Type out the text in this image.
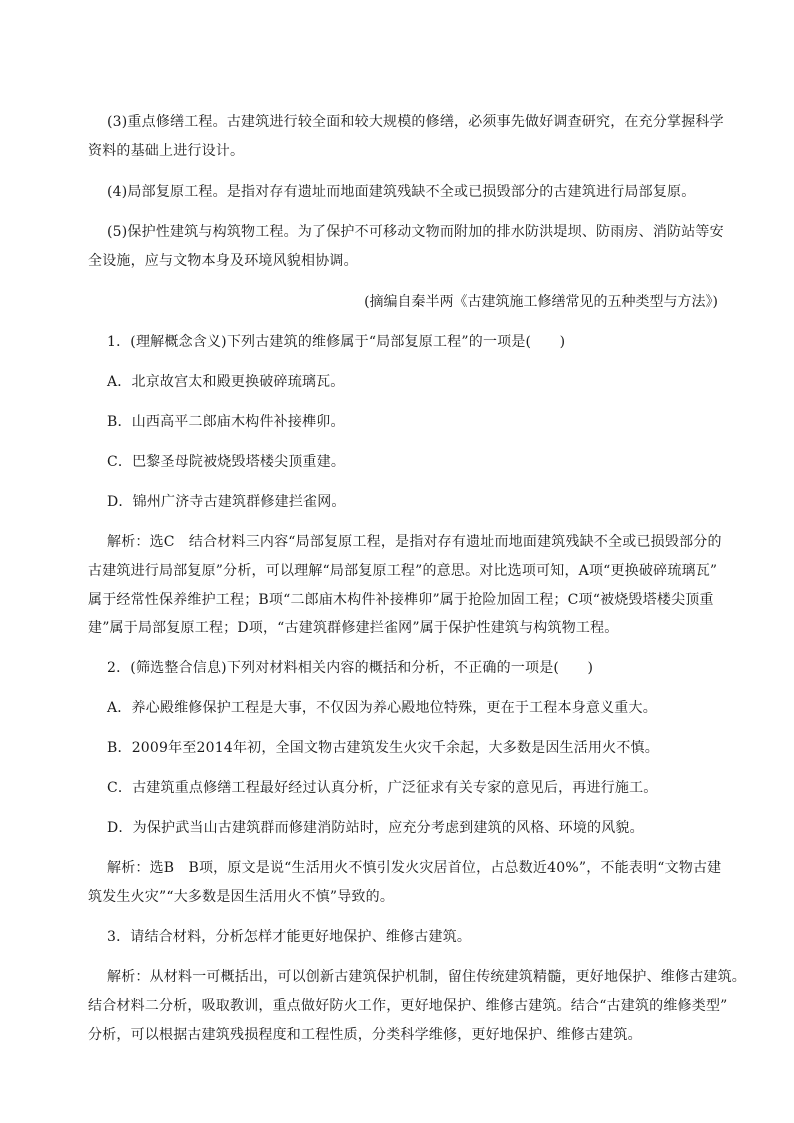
(3)重点修缮工程。古建筑进行较全面和较大规模的修缮，必须事先做好调查研究，在充分掌握科学
资料的基础上进行设计。
(4)局部复原工程。是指对存有遗址而地面建筑残缺不全或已损毁部分的古建筑进行局部复原。
(5)保护性建筑与构筑物工程。为了保护不可移动文物而附加的排水防洪堤坝、防雨房、消防站等安
全设施，应与文物本身及环境风貌相协调。
(摘编自秦半两《古建筑施工修缮常见的五种类型与方法》)
1．(理解概念含义)下列古建筑的维修属于“局部复原工程”的一项是(　　)
A．北京故宫太和殿更换破碎琉璃瓦。
B．山西高平二郎庙木构件补接榫卯。
C．巴黎圣母院被烧毁塔楼尖顶重建。
D．锦州广济寺古建筑群修建拦雀网。
解析：选C　结合材料三内容“局部复原工程，是指对存有遗址而地面建筑残缺不全或已损毁部分的
古建筑进行局部复原”分析，可以理解“局部复原工程”的意思。对比选项可知，A项“更换破碎琉璃瓦”
属于经常性保养维护工程；B项“二郎庙木构件补接榫卯”属于抢险加固工程；C项“被烧毁塔楼尖顶重
建”属于局部复原工程；D项，“古建筑群修建拦雀网”属于保护性建筑与构筑物工程。
2．(筛选整合信息)下列对材料相关内容的概括和分析，不正确的一项是(　　)
A．养心殿维修保护工程是大事，不仅因为养心殿地位特殊，更在于工程本身意义重大。
B．2009年至2014年初，全国文物古建筑发生火灾千余起，大多数是因生活用火不慎。
C．古建筑重点修缮工程最好经过认真分析，广泛征求有关专家的意见后，再进行施工。
D．为保护武当山古建筑群而修建消防站时，应充分考虑到建筑的风格、环境的风貌。
解析：选B　B项，原文是说“生活用火不慎引发火灾居首位，占总数近40%”，不能表明“文物古建
筑发生火灾”“大多数是因生活用火不慎”导致的。
3．请结合材料，分析怎样才能更好地保护、维修古建筑。
解析：从材料一可概括出，可以创新古建筑保护机制，留住传统建筑精髓，更好地保护、维修古建筑。
结合材料二分析，吸取教训，重点做好防火工作，更好地保护、维修古建筑。结合“古建筑的维修类型”
分析，可以根据古建筑残损程度和工程性质，分类科学维修，更好地保护、维修古建筑。
